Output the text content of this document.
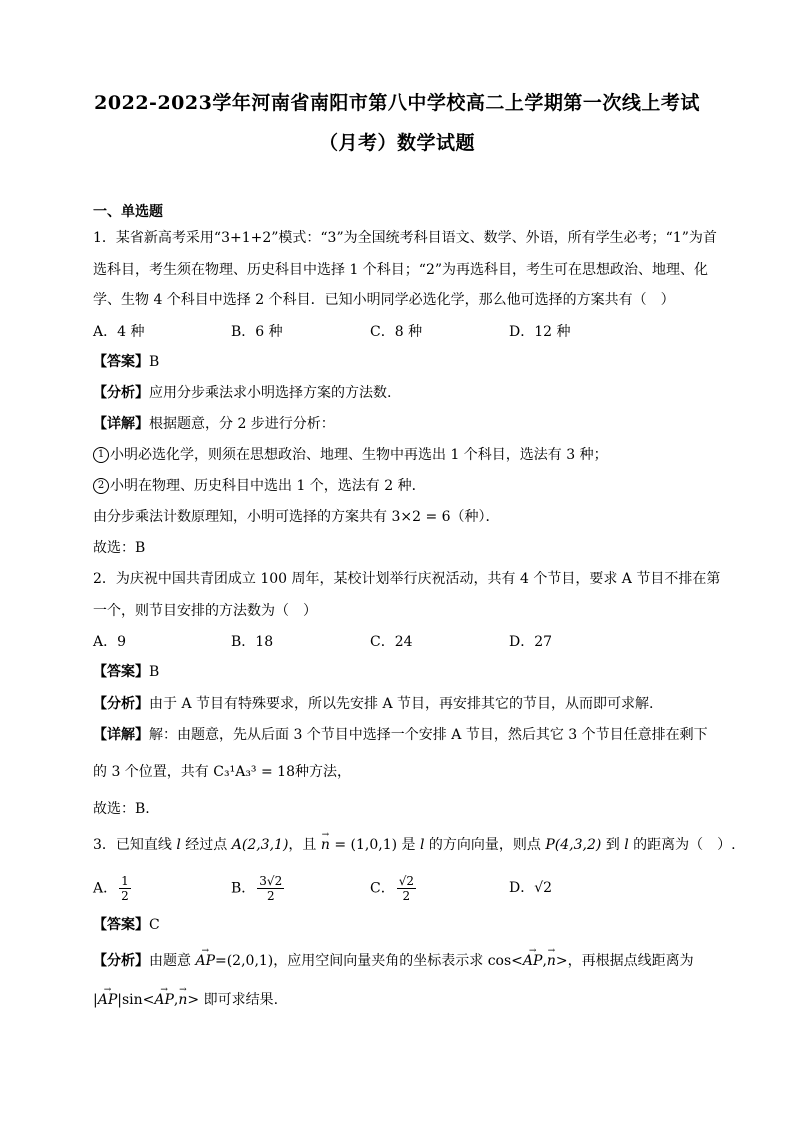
2022-2023学年河南省南阳市第八中学校高二上学期第一次线上考试
（月考）数学试题
一、单选题
1．某省新高考采用“3+1+2”模式：“3”为全国统考科目语文、数学、外语，所有学生必考；“1”为首
选科目，考生须在物理、历史科目中选择 1 个科目；“2”为再选科目，考生可在思想政治、地理、化
学、生物 4 个科目中选择 2 个科目．已知小明同学必选化学，那么他可选择的方案共有（　）
A．4 种	B．6 种	C．8 种	D．12 种
【答案】B
【分析】应用分步乘法求小明选择方案的方法数.
【详解】根据题意，分 2 步进行分析：
1 小明必选化学，则须在思想政治、地理、生物中再选出 1 个科目，选法有 3 种；
2 小明在物理、历史科目中选出 1 个，选法有 2 种．
由分步乘法计数原理知，小明可选择的方案共有 3×2 = 6（种）．
故选：B
2．为庆祝中国共青团成立 100 周年，某校计划举行庆祝活动，共有 4 个节目，要求 A 节目不排在第
一个，则节目安排的方法数为（　）
A．9	B．18	C．24	D．27
【答案】B
【分析】由于 A 节目有特殊要求，所以先安排 A 节目，再安排其它的节目，从而即可求解.
【详解】解：由题意，先从后面 3 个节目中选择一个安排 A 节目，然后其它 3 个节目任意排在剩下
的 3 个位置，共有 C₃¹A₃³ = 18种方法，
故选：B.
3．已知直线 l 经过点 A(2,3,1)，且 → n = (1,0,1) 是 l 的方向向量，则点 P(4,3,2) 到 l 的距离为（　）.
A． $\frac{1}{2}$	B． $\frac{3√2}{2}$	C． $\frac{√2}{2}$	D．√2
【答案】C
【分析】由题意 → AP=(2,0,1)，应用空间向量夹角的坐标表示求 cos<→ AP,→ n>，再根据点线距离为
|→ AP|sin<→ AP,→ n> 即可求结果.
